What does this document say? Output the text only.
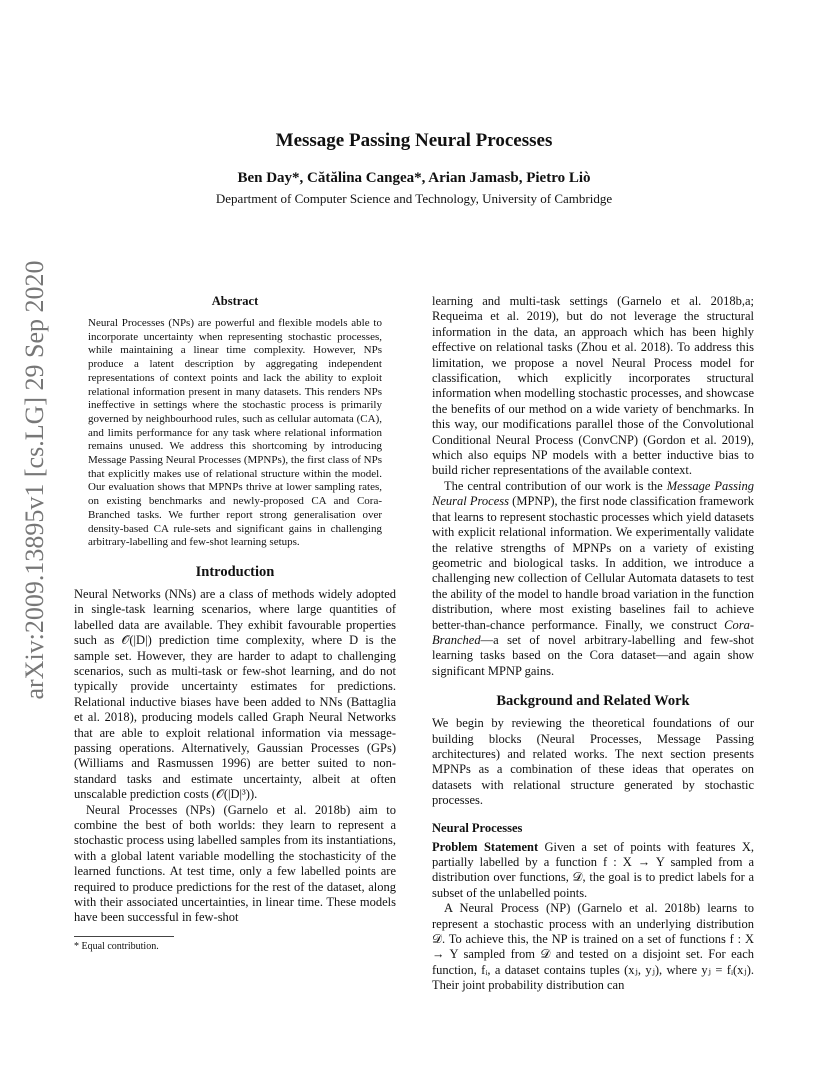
Message Passing Neural Processes
Ben Day*, Cătălina Cangea*, Arian Jamasb, Pietro Liò
Department of Computer Science and Technology, University of Cambridge
arXiv:2009.13895v1 [cs.LG] 29 Sep 2020	Abstract

Neural Processes (NPs) are powerful and flexible models able to incorporate uncertainty when representing stochastic processes, while maintaining a linear time complexity. However, NPs produce a latent description by aggregating independent representations of context points and lack the ability to exploit relational information present in many datasets. This renders NPs ineffective in settings where the stochastic process is primarily governed by neighbourhood rules, such as cellular automata (CA), and limits performance for any task where relational information remains unused. We address this shortcoming by introducing Message Passing Neural Processes (MPNPs), the first class of NPs that explicitly makes use of relational structure within the model. Our evaluation shows that MPNPs thrive at lower sampling rates, on existing benchmarks and newly-proposed CA and Cora-Branched tasks. We further report strong generalisation over density-based CA rule-sets and significant gains in challenging arbitrary-labelling and few-shot learning setups.

Introduction

Neural Networks (NNs) are a class of methods widely adopted in single-task learning scenarios, where large quantities of labelled data are available. They exhibit favourable properties such as 𝒪(|D|) prediction time complexity, where D is the sample set. However, they are harder to adapt to challenging scenarios, such as multi-task or few-shot learning, and do not typically provide uncertainty estimates for predictions. Relational inductive biases have been added to NNs (Battaglia et al. 2018), producing models called Graph Neural Networks that are able to exploit relational information via message-passing operations. Alternatively, Gaussian Processes (GPs) (Williams and Rasmussen 1996) are better suited to non-standard tasks and estimate uncertainty, albeit at often unscalable prediction costs (𝒪(|D|³)).

Neural Processes (NPs) (Garnelo et al. 2018b) aim to combine the best of both worlds: they learn to represent a stochastic process using labelled samples from its instantiations, with a global latent variable modelling the stochasticity of the learned functions. At test time, only a few labelled points are required to produce predictions for the rest of the dataset, along with their associated uncertainties, in linear time. These models have been successful in few-shot

* Equal contribution.

learning and multi-task settings (Garnelo et al. 2018b,a; Requeima et al. 2019), but do not leverage the structural information in the data, an approach which has been highly effective on relational tasks (Zhou et al. 2018). To address this limitation, we propose a novel Neural Process model for classification, which explicitly incorporates structural information when modelling stochastic processes, and showcase the benefits of our method on a wide variety of benchmarks. In this way, our modifications parallel those of the Convolutional Conditional Neural Process (ConvCNP) (Gordon et al. 2019), which also equips NP models with a better inductive bias to build richer representations of the available context.

The central contribution of our work is the Message Passing Neural Process (MPNP), the first node classification framework that learns to represent stochastic processes which yield datasets with explicit relational information. We experimentally validate the relative strengths of MPNPs on a variety of existing geometric and biological tasks. In addition, we introduce a challenging new collection of Cellular Automata datasets to test the ability of the model to handle broad variation in the function distribution, where most existing baselines fail to achieve better-than-chance performance. Finally, we construct Cora-Branched—a set of novel arbitrary-labelling and few-shot learning tasks based on the Cora dataset—and again show significant MPNP gains.

Background and Related Work

We begin by reviewing the theoretical foundations of our building blocks (Neural Processes, Message Passing architectures) and related works. The next section presents MPNPs as a combination of these ideas that operates on datasets with relational structure generated by stochastic processes.

Neural Processes

Problem Statement Given a set of points with features X, partially labelled by a function f : X → Y sampled from a distribution over functions, 𝒟, the goal is to predict labels for a subset of the unlabelled points.

A Neural Process (NP) (Garnelo et al. 2018b) learns to represent a stochastic process with an underlying distribution 𝒟. To achieve this, the NP is trained on a set of functions f : X → Y sampled from 𝒟 and tested on a disjoint set. For each function, fᵢ, a dataset contains tuples (xⱼ, yⱼ), where yⱼ = fᵢ(xⱼ). Their joint probability distribution can
